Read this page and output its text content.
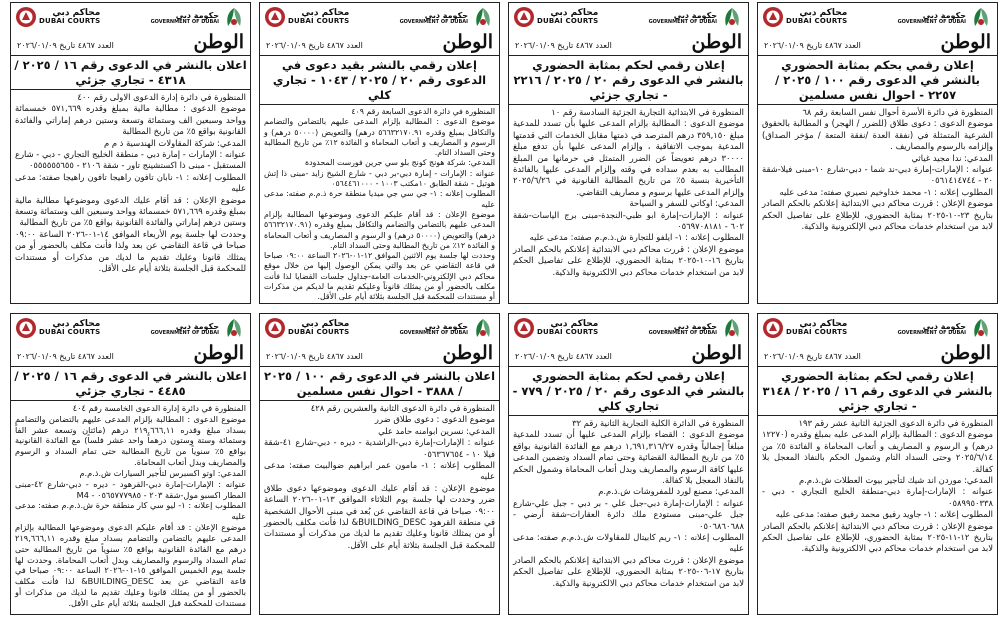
محاكم دبي
DUBAI COURTS
حكومة دبي
GOVERNMENT OF DUBAI
الوطن
العدد ٤٨٦٧ تاريخ ٢٠٢٦/٠١/٠٩
إعلان رقمي بحكم بمثابة الحضوري بالنشر في الدعوى رقم ١٠٠ / ٢٠٢٥ / ٢٢٥٧ - احوال نفس مسلمين

المنظورة في دائرة الأسرة أحوال نفس السابعة رقم ٦٨

موضوع الدعوى : دعوى طلاق (للضرر / الهجر) و المطالبة بالحقوق الشرعية المتمثلة في (نفقة العدة /نفقة المتعة / مؤخر الصداق) وإلزامه بالرسوم والمصاريف .

المدعي: ندا مجيد غياثي

عنوانه : الإمارات-إمارة دبي-ند شما - دبي-شارع ١٠-مبنى فيلا-شقة ٢٠ - ٠٥٦١٤١٤٧٤٤

المطلوب إعلانه : ١- محمد خداوخيم نصيري صفته: مدعى عليه

موضوع الإعلان : قررت محاكم دبي الابتدائية إعلانكم بالحكم الصادر بتاريخ ٢٣-١٠-٢٠٢٥ بمثابة الحضوري، للإطلاع على تفاصيل الحكم لابد من استخدام خدمات محاكم دبي الإلكترونية والذكية.

محاكم دبي
DUBAI COURTS
حكومة دبي
GOVERNMENT OF DUBAI
الوطن
العدد ٤٨٦٧ تاريخ ٢٠٢٦/٠١/٠٩
إعلان رقمي لحكم بمثابة الحضوري بالنشر في الدعوى رقم ٢٠ / ٢٠٢٥ / ٢٢١٦ - تجاري جزئي

المنظورة في الابتدائية التجارية الجزئية السادسة رقم ١٠

موضوع الدعوى : المطالبة بإلزام المدعى عليها بأن تسدد للمدعية مبلغ ٣٥٩,١٥٠ درهم المترصد في ذمتها مقابل الخدمات التي قدمتها المدعية بموجب الاتفاقية ، وإلزام المدعى عليها بأن تدفع مبلغ ٣٠٠٠٠ درهم تعويضاً عن الضرر المتمثل في حرمانها من المبلغ المطالب به بعدم سداده في وقته وإلزام المدعى عليها بالفائدة التأخيرية بنسبة ٥٪ من تاريخ المطالبة القانونية في ٢٠٢٥/٦/٢٦ وإلزام المدعى عليها برسوم و مصاريف التقاضي.

المدعي: اوكاتي للسفر و السياحة

عنوانه : الإمارات-إمارة ابو ظبي-النجدة-مبنى برج الياسات-شقة ٦٠٢ - ٠٥٦٩٧٠٨١٨١

المطلوب إعلانه : ١- ايلفو للتجارة ش.ذ.م.م صفته: مدعى عليه

موضوع الإعلان : قررت محاكم دبي الابتدائية إعلانكم بالحكم الصادر بتاريخ ١٦-١٠-٢٠٢٥ بمثابة الحضوري، للإطلاع على تفاصيل الحكم لابد من استخدام خدمات محاكم دبي الالكترونية والذكية.

محاكم دبي
DUBAI COURTS
حكومة دبي
GOVERNMENT OF DUBAI
الوطن
العدد ٤٨٦٧ تاريخ ٢٠٢٦/٠١/٠٩
إعلان رقمي بالنشر بقيد دعوى في الدعوى رقم ٢٠ / ٢٠٢٥ / ١٠٤٣ - تجاري كلي

المنظورة في دائرة الدعوى السابعة رقم ٤٠٩

موضوع الدعوى : المطالبة بإلزام المدعى عليهم بالتضامن والتضامم والتكافل بمبلغ وقدره ٥٦٦٣٢١٧٠.٩١ درهم) والتعويض (٥٠٠٠٠ درهم) و الرسوم و المصاريف و أتعاب المحاماة و الفائدة ١٢٪ من تاريخ المطالبة وحتى السداد التام.

المدعي: شركة هونج كونج بلو سي جرين فورست المحدودة

عنوانه : الإمارات - إمارة دبي-بر دبي - شارع الشيخ زايد -مبنى ذا إتش هوتيل - شقة الطابق ١٠مكتب ١٠٠٣ - ٠٥٦٤٤٦١٠٠٠

المطلوب إعلانه : ١- جي سي جي ميديا منطقة حرة ذ.م.م صفته: مدعى عليه

موضوع الإعلان : قد أقام عليكم الدعوى وموضوعها المطالبة بإلزام المدعى عليهم بالتضامن والتضامم والتكافل بمبلغ وقدره (٥٦٦٣٢١٧٠.٩١ درهم) والتعويض (٥٠٠٠٠ درهم) و الرسوم و المصاريف و أتعاب المحاماة و الفائدة ١٢٪ من تاريخ المطالبة وحتى السداد التام.

وحددت لها جلسة يوم الاثنين الموافق ١٢-٠١-٢٠٢٦ الساعة ٠٩:٠٠ صباحا في قاعة التقاضي عن بعد والتي يمكن الوصول إليها من خلال موقع محاكم دبي الإلكتروني-الخدمات العامة-جداول جلسات القضايا لذا فأنت مكلف بالحضور أو من يمثلك قانوناً وعليكم تقديم ما لديكم من مذكرات أو مستندات للمحكمة قبل الجلسة بثلاثة أيام على الأقل.

محاكم دبي
DUBAI COURTS
حكومة دبي
GOVERNMENT OF DUBAI
الوطن
العدد ٤٨٦٧ تاريخ ٢٠٢٦/٠١/٠٩
اعلان بالنشر في الدعوى رقم ١٦ / ٢٠٢٥ / ٤٣١٨ - تجاري جزئي

المنظورة في دائرة إدارة الدعوى الاولى رقم ٤٠٠

موضوع الدعوى : مطالبة مالية بمبلغ وقدره ٥٧١,٦٦٩ خمسمائة وواحد وسبعين الف وستمائة وتسعة وستين درهم إماراتي والفائدة القانونية بواقع ٥٪ من تاريخ المطالبة

المدعي: شركة المقاولات الهندسية ذ م م

عنوانه : الإمارات - إمارة دبي - منطقة الخليج التجاري - دبي - شارع المستقبل - مبنى ذا اكستشينج تاور - شقة ٢١٠٦ - ٠٥٥٥٥٥٥٦٥٥

المطلوب إعلانه : ١- نابان تافون راهيجا تافون راهيجا صفته: مدعى عليه

موضوع الإعلان : قد أقام عليك الدعوى وموضوعها مطالبة مالية بمبلغ وقدره ٥٧١,٦٦٩ خمسمائة وواحد وسبعين الف وستمائة وتسعة وستين درهم إماراتي والفائدة القانونية بواقع ٥٪ من تاريخ المطالبة

وحددت لها جلسة يوم الأربعاء الموافق ١٤-٠١-٢٠٢٦ الساعة ٠٩:٠٠ صباحا في قاعة التقاضي عن بعد ولذا فأنت مكلف بالحضور أو من يمثلك قانونا وعليك تقديم ما لديك من مذكرات أو مستندات للمحكمة قبل الجلسة بثلاثة أيام على الأقل.

محاكم دبي
DUBAI COURTS
حكومة دبي
GOVERNMENT OF DUBAI
الوطن
العدد ٤٨٦٧ تاريخ ٢٠٢٦/٠١/٠٩
إعلان رقمي لحكم بمثابة الحضوري بالنشر في الدعوى رقم ١٦ / ٢٠٢٥ / ٣١٤٨ - تجاري جزئي

المنظورة في دائرة الدعوى الجزئية الثانية عشر رقم ١٩٣

موضوع الدعوى : المطالبة بإلزام المدعى عليه بمبلغ وقدره (١٢٢٧٠ درهم) و الرسوم و المصاريف و أتعاب المحاماة و الفائدة ٥٪ من ٢٠٢٥/٦/١٤ وحتى السداد التام وشمول الحكم بالنفاذ المعجل بلا كفالة.

المدعي: موردن اند شيك لتأجير بيوت العطلات ش.ذ.م.م

عنوانه : الإمارات-إمارة دبي-منطقة الخليج التجاري - دبي - ٠٥٨٩٩٥٠٣٣٨

المطلوب إعلانه : ١- جاويد رفيق محمد رفيق صفته: مدعى عليه

موضوع الإعلان : قررت محاكم دبي الابتدائية إعلانكم بالحكم الصادر بتاريخ ١٢-١١-٢٠٢٥ بمثابة الحضوري، للإطلاع على تفاصيل الحكم لابد من استخدام خدمات محاكم دبي الالكترونية والذكية.

محاكم دبي
DUBAI COURTS
حكومة دبي
GOVERNMENT OF DUBAI
الوطن
العدد ٤٨٦٧ تاريخ ٢٠٢٦/٠١/٠٩
إعلان رقمي لحكم بمثابة الحضوري بالنشر في الدعوى رقم ٢٠ / ٢٠٢٥ / ٧٧٩ - تجاري كلي

المنظورة في الدائرة الكلية التجارية الثانية رقم ٣٢

موضوع الدعوى : القضاء بإلزام المدعى عليها أن تسدد للمدعية مبلغاً إجمالياً وقدره ١,٦٩١,٣١٦/٢٧ درهم مع الفائدة القانونية بواقع ٥٪ من تاريخ المطالبة القضائية وحتى تمام السداد وتضمين المدعى عليها كافة الرسوم والمصاريف وبدل أتعاب المحاماة وشمول الحكم بالنفاذ المعجل بلا كفالة.

المدعي: مصنع لورد للمفروشات ش.ذ.م.م

عنوانه : الإمارات-إمارة دبي-جبل علي - بر دبي - جبل علي-شارع جبل علي-مبنى مستودع ملك دائرة العقارات-شقة أرضي - ٠٥٠٦٨٦٠٦٨٨

المطلوب إعلانه : ١- ريم كابيتال للمقاولات ش.ذ.م.م صفته: مدعى عليه

موضوع الإعلان : قررت محاكم دبي الابتدائية إعلانكم بالحكم الصادر بتاريخ ١٧-٠٦-٢٠٢٥ بمثابة الحضوري، للإطلاع على تفاصيل الحكم لابد من استخدام خدمات محاكم دبي الالكترونية والذكية.

محاكم دبي
DUBAI COURTS
حكومة دبي
GOVERNMENT OF DUBAI
الوطن
العدد ٤٨٦٧ تاريخ ٢٠٢٦/٠١/٠٩
اعلان بالنشر في الدعوى رقم ١٠٠ / ٢٠٢٥ / ٣٨٨٨ - احوال نفس مسلمين

المنظورة في دائرة الدعوى الثانية والعشرين رقم ٤٢٨

موضوع الدعوى : دعوى طلاق ضرر

المدعي: نسرين ابوامنه حامد علي

عنوانه : الإمارات-إمارة دبي-الراشدية - ديره - دبي-شارع ٤١-شقة فيلا ١٠ - ٠٥٦٣٦٧٦٥٤

المطلوب إعلانه : ١- مامون عمر ابراهيم ضوالبيت صفته: مدعى عليه

موضوع الإعلان : قد أقام عليك الدعوى وموضوعها دعوى طلاق ضرر وحددت لها جلسة يوم الثلاثاء الموافق ١٣-٠١-٢٠٢٦ الساعة ٠٩:٠٠ صباحا في قاعة التقاضي عن بُعد في مبنى الأحوال الشخصية في منطقة القرهود BUILDING_DESC& لذا فأنت مكلف بالحضور أو من يمثلك قانونا وعليك تقديم ما لديك من مذكرات أو مستندات للمحكمة قبل الجلسة بثلاثة أيام على الأقل.

محاكم دبي
DUBAI COURTS
حكومة دبي
GOVERNMENT OF DUBAI
الوطن
العدد ٤٨٦٧ تاريخ ٢٠٢٦/٠١/٠٩
اعلان بالنشر في الدعوى رقم ١٦ / ٢٠٢٥ / ٤٤٨٥ - تجاري جزئي

المنظورة في دائرة إدارة الدعوى الخامسة رقم ٤٠٤

موضوع الدعوى : المطالبة بإلزام المدعى عليهم بالتضامن والتضامم بسداد مبلغ وقدره ٢١٩,٦٦٦,١١ درهم (مائتان وتسعة عشر الفاً وستمائة وستة وستون درهماً واحد عشر فلساً) مع الفائدة القانونية بواقع ٥٪ سنوياً من تاريخ المطالبة حتى تمام السداد و الرسوم والمصاريف وبدل أتعاب المحاماة.

المدعي: اوتو اكسبرس لتأجير السيارات ش.ذ.م.م

عنوانه : الإمارات-إمارة دبي-القرهود - ديره - دبي-شارع ٤٢-مبنى المطار اكسبو مول-شقة ٢٠٣ - ٠٥٦٥٧٧٧٩٨٥ - M4

المطلوب إعلانه : ١- ليو سي كار منطقة حرة ش.ذ.م.م صفته: مدعى عليه

موضوع الإعلان : قد أقام عليكم الدعوى وموضوعها المطالبة بإلزام المدعى عليهم بالتضامن والتضامم بسداد مبلغ وقدره ٢١٩,٦٦٦,١١ درهم مع الفائدة القانونية بواقع ٥٪ سنوياً من تاريخ المطالبة حتى تمام السداد والرسوم والمصاريف وبدل أتعاب المحاماة. وحددت لها جلسة يوم الخميس الموافق ١٥-٠١-٢٠٢٦ الساعة ٠٩:٠٠ صباحا في قاعة التقاضي عن بعد BUILDING_DESC& لذا فأنت مكلف بالحضور أو من يمثلك قانونا وعليك تقديم ما لديك من مذكرات أو مستندات للمحكمة قبل الجلسة بثلاثة أيام على الأقل.
